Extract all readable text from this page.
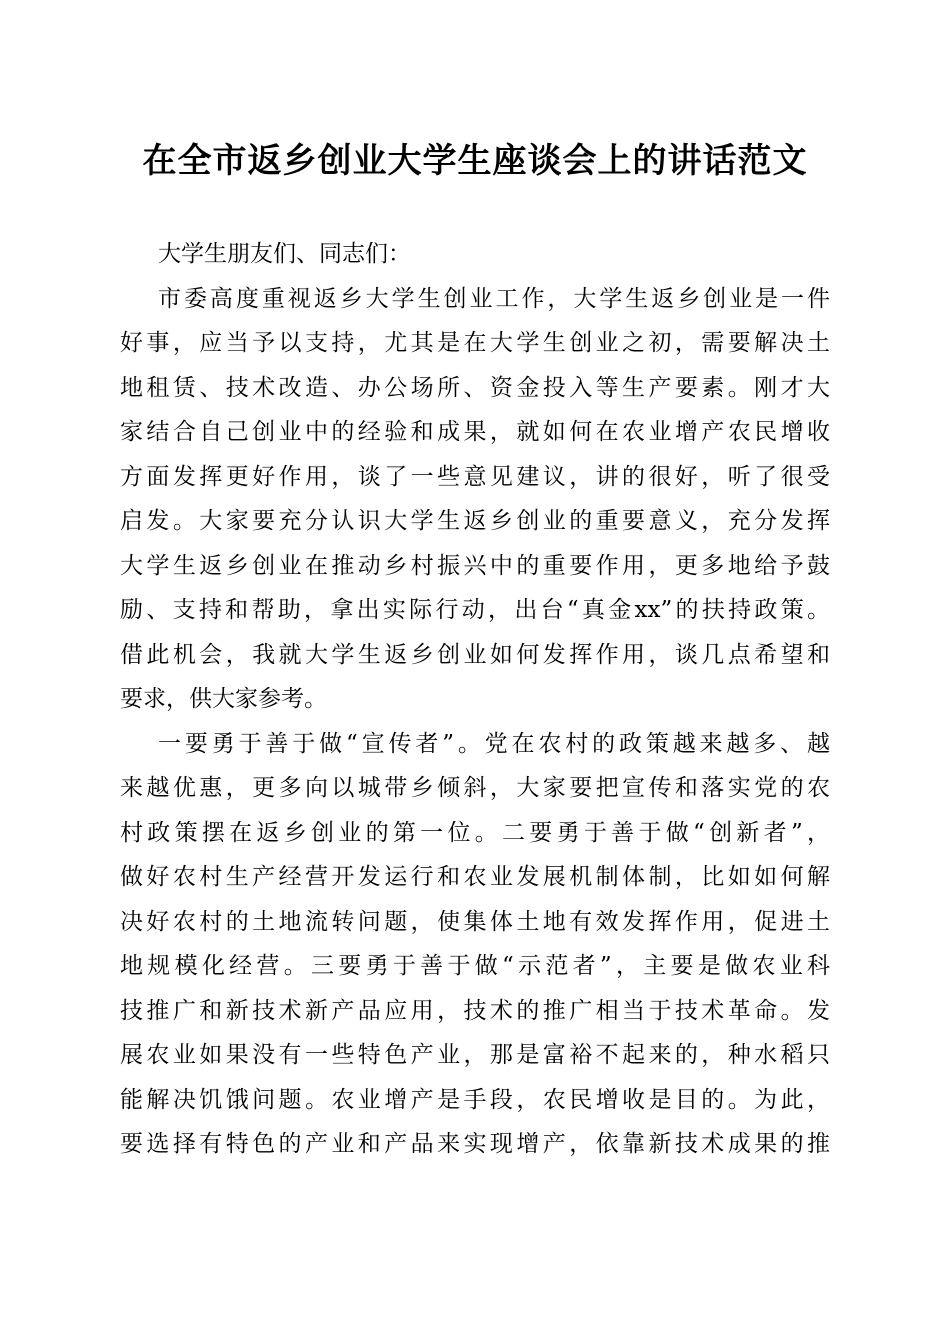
在全市返乡创业大学生座谈会上的讲话范文
大学生朋友们、同志们：
市委高度重视返乡大学生创业工作，大学生返乡创业是一件
好事，应当予以支持，尤其是在大学生创业之初，需要解决土
地租赁、技术改造、办公场所、资金投入等生产要素。刚才大
家结合自己创业中的经验和成果，就如何在农业增产农民增收
方面发挥更好作用，谈了一些意见建议，讲的很好，听了很受
启发。大家要充分认识大学生返乡创业的重要意义，充分发挥
大学生返乡创业在推动乡村振兴中的重要作用，更多地给予鼓
励、支持和帮助，拿出实际行动，出台“真金xx”的扶持政策。
借此机会，我就大学生返乡创业如何发挥作用，谈几点希望和
要求，供大家参考。
一要勇于善于做“宣传者”。党在农村的政策越来越多、越
来越优惠，更多向以城带乡倾斜，大家要把宣传和落实党的农
村政策摆在返乡创业的第一位。二要勇于善于做“创新者”，
做好农村生产经营开发运行和农业发展机制体制，比如如何解
决好农村的土地流转问题，使集体土地有效发挥作用，促进土
地规模化经营。三要勇于善于做“示范者”，主要是做农业科
技推广和新技术新产品应用，技术的推广相当于技术革命。发
展农业如果没有一些特色产业，那是富裕不起来的，种水稻只
能解决饥饿问题。农业增产是手段，农民增收是目的。为此，
要选择有特色的产业和产品来实现增产，依靠新技术成果的推
